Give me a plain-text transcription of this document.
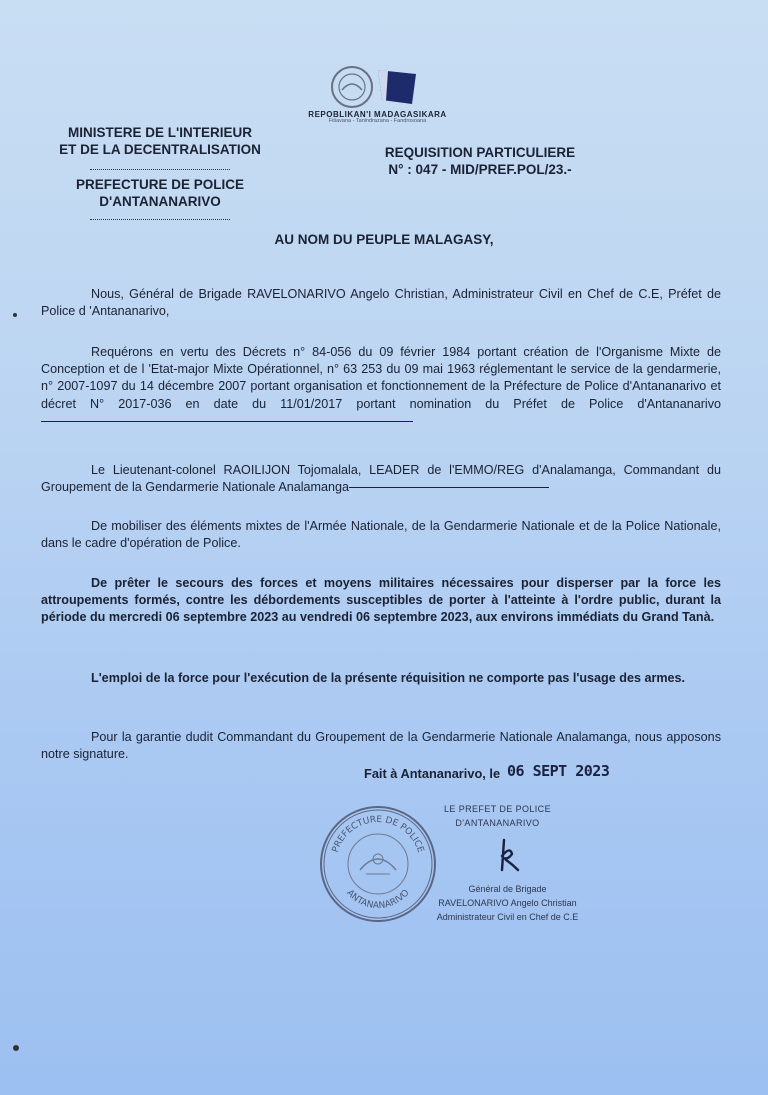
REPOBLIKAN'I MADAGASIKARA
Fitiavana - Tanindrazana - Fandrosoana
MINISTERE DE L'INTERIEUR
ET DE LA DECENTRALISATION
PREFECTURE DE POLICE
D'ANTANANARIVO
REQUISITION PARTICULIERE
N° : 047 - MID/PREF.POL/23.-
AU NOM DU PEUPLE MALAGASY,
Nous, Général de Brigade RAVELONARIVO Angelo Christian, Administrateur Civil en Chef de C.E, Préfet de Police d 'Antananarivo,
Requérons en vertu des Décrets n° 84-056 du 09 février 1984 portant création de l'Organisme Mixte de Conception et de l 'Etat-major Mixte Opérationnel, n° 63 253 du 09 mai 1963 réglementant le service de la gendarmerie, n° 2007-1097 du 14 décembre 2007 portant organisation et fonctionnement de la Préfecture de Police d'Antananarivo et décret N° 2017-036 en date du 11/01/2017 portant nomination du Préfet de Police d'Antananarivo
Le Lieutenant-colonel RAOILIJON Tojomalala, LEADER de l'EMMO/REG d'Analamanga, Commandant du Groupement de la Gendarmerie Nationale Analamanga
De mobiliser des éléments mixtes de l'Armée Nationale, de la Gendarmerie Nationale et de la Police Nationale, dans le cadre d'opération de Police.
De prêter le secours des forces et moyens militaires nécessaires pour disperser par la force les attroupements formés, contre les débordements susceptibles de porter à l'atteinte à l'ordre public, durant la période du mercredi 06 septembre 2023 au vendredi 06 septembre 2023, aux environs immédiats du Grand Tanà.
L'emploi de la force pour l'exécution de la présente réquisition ne comporte pas l'usage des armes.
Pour la garantie dudit Commandant du Groupement de la Gendarmerie Nationale Analamanga, nous apposons notre signature.
Fait à Antananarivo, le 06 SEPT 2023
PREFECTURE DE POLICE
ANTANANARIVO
LE PREFET DE POLICE
D'ANTANANARIVO
Général de Brigade
RAVELONARIVO Angelo Christian
Administrateur Civil en Chef de C.E
